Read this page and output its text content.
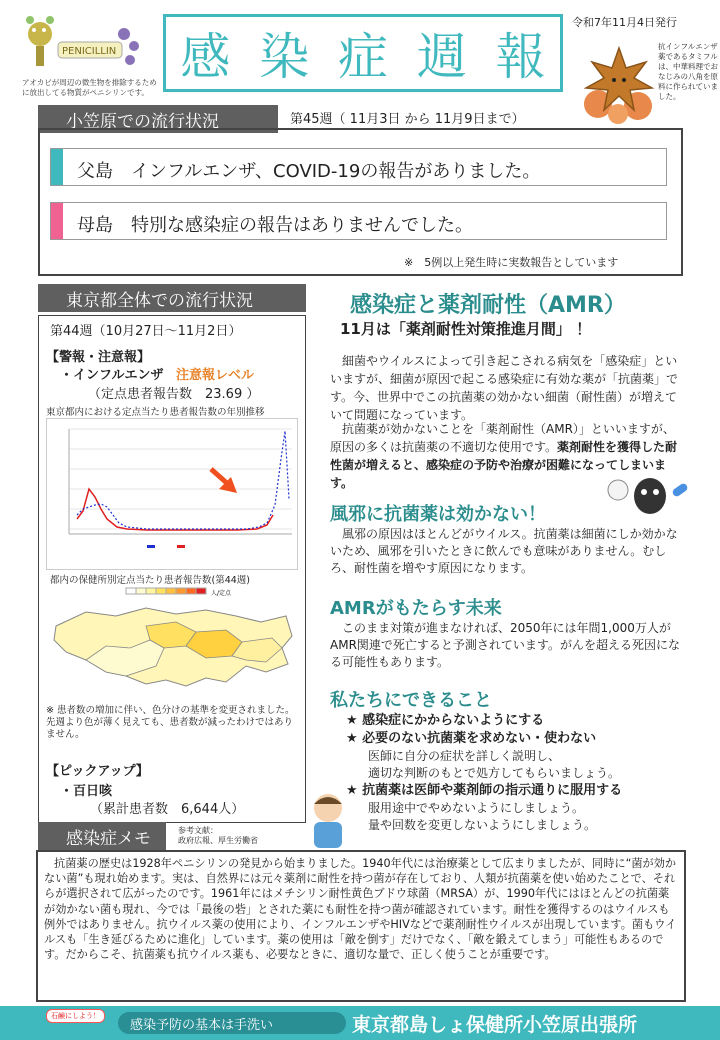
PENICILLIN
アオカビが周辺の微生物を排除するために放出してる物質がペニシリンです。
感 染 症 週 報
令和7年11月4日発行
抗インフルエンザ薬であるタミフルは、中華料理でおなじみの八角を原料に作られていました。
小笠原での流行状況	第45週（ 11月3日 から 11月9日まで）
父島　インフルエンザ、COVID-19の報告がありました。
母島　特別な感染症の報告はありませんでした。
※　5例以上発生時に実数報告としています
東京都全体での流行状況
第44週（10月27日～11月2日）
【警報・注意報】
・インフルエンザ 注意報レベル
（定点患者報告数　23.69 ）
東京都内における定点当たり患者報告数の年別推移
都内の保健所別定点当たり患者報告数(第44週)
人/定点
※ 患者数の増加に伴い、色分けの基準を変更されました。先週より色が薄く見えても、患者数が減ったわけではありません。
【ピックアップ】
・百日咳
（累計患者数　6,644人）
感染症と薬剤耐性（AMR）
11月は「薬剤耐性対策推進月間」 ！
細菌やウイルスによって引き起こされる病気を「感染症」といいますが、細菌が原因で起こる感染症に有効な薬が「抗菌薬」です。今、世界中でこの抗菌薬の効かない細菌（耐性菌）が増えていて問題になっています。
抗菌薬が効かないことを「薬剤耐性（AMR）」といいますが、原因の多くは抗菌薬の不適切な使用です。薬剤耐性を獲得した耐性菌が増えると、感染症の予防や治療が困難になってしまいます。
風邪に抗菌薬は効かない！
風邪の原因はほとんどがウイルス。抗菌薬は細菌にしか効かないため、風邪を引いたときに飲んでも意味がありません。むしろ、耐性菌を増やす原因になります。
AMRがもたらす未来
このまま対策が進まなければ、2050年には年間1,000万人がAMR関連で死亡すると予測されています。がんを超える死因になる可能性もあります。
私たちにできること
★ 感染症にかからないようにする
★ 必要のない抗菌薬を求めない・使わない
医師に自分の症状を詳しく説明し、
適切な判断のもとで処方してもらいましょう。
★ 抗菌薬は医師や薬剤師の指示通りに服用する
服用途中でやめないようにしましょう。
量や回数を変更しないようにしましょう。
感染症メモ	参考文献：
政府広報、厚生労働省
抗菌薬の歴史は1928年ペニシリンの発見から始まりました。1940年代には治療薬として広まりましたが、同時に“菌が効かない菌”も現れ始めます。実は、自然界には元々薬剤に耐性を持つ菌が存在しており、人類が抗菌薬を使い始めたことで、それらが選択されて広がったのです。1961年にはメチシリン耐性黄色ブドウ球菌（MRSA）が、1990年代にはほとんどの抗菌薬が効かない菌も現れ、今では「最後の砦」とされた薬にも耐性を持つ菌が確認されています。耐性を獲得するのはウイルスも例外ではありません。抗ウイルス薬の使用により、インフルエンザやHIVなどで薬剤耐性ウイルスが出現しています。菌もウイルスも「生き延びるために進化」しています。薬の使用は「敵を倒す」だけでなく、「敵を鍛えてしまう」可能性もあるのです。だからこそ、抗菌薬も抗ウイルス薬も、必要なときに、適切な量で、正しく使うことが重要です。
石鹸にしよう！
感染予防の基本は手洗い	東京都島しょ保健所小笠原出張所
